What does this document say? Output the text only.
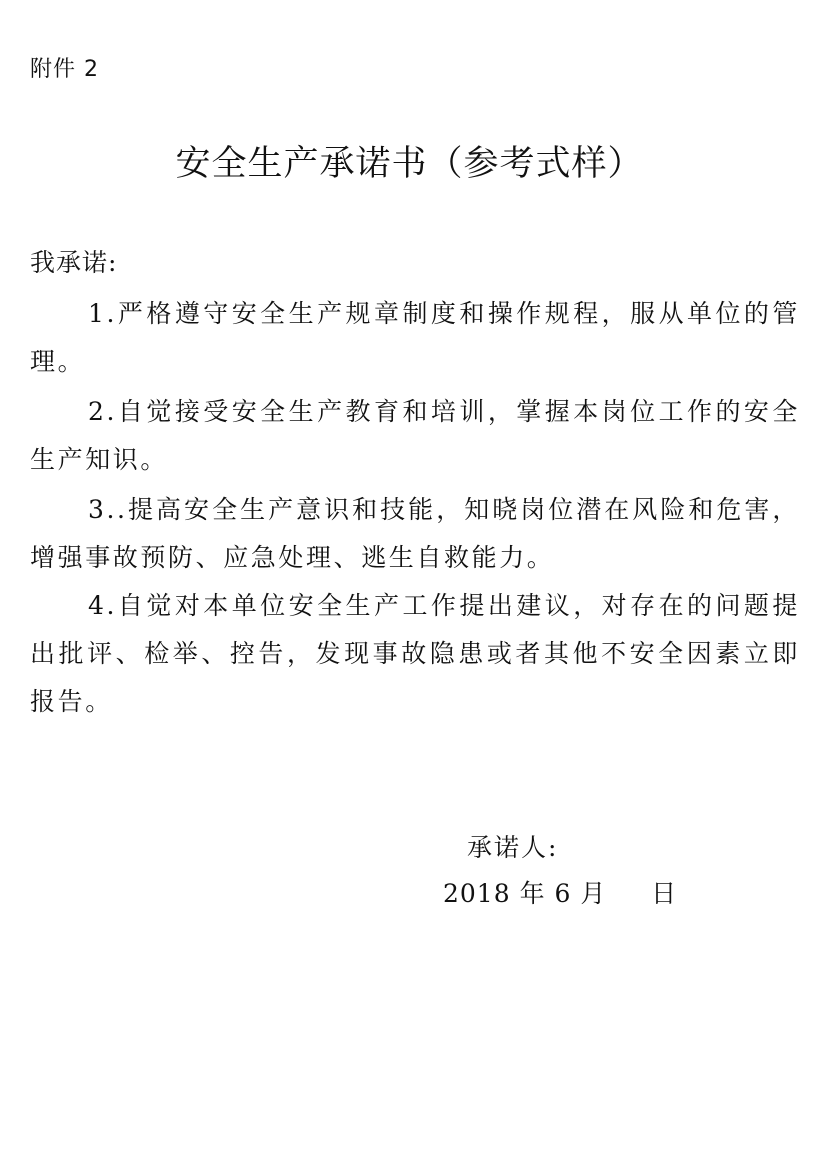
附件 2
安全生产承诺书（参考式样）
我承诺:
1.严格遵守安全生产规章制度和操作规程，服从单位的管理。
2.自觉接受安全生产教育和培训，掌握本岗位工作的安全生产知识。
3..提高安全生产意识和技能，知晓岗位潜在风险和危害，增强事故预防、应急处理、逃生自救能力。
4.自觉对本单位安全生产工作提出建议，对存在的问题提出批评、检举、控告，发现事故隐患或者其他不安全因素立即报告。
承诺人:
2018 年 6 月     日
